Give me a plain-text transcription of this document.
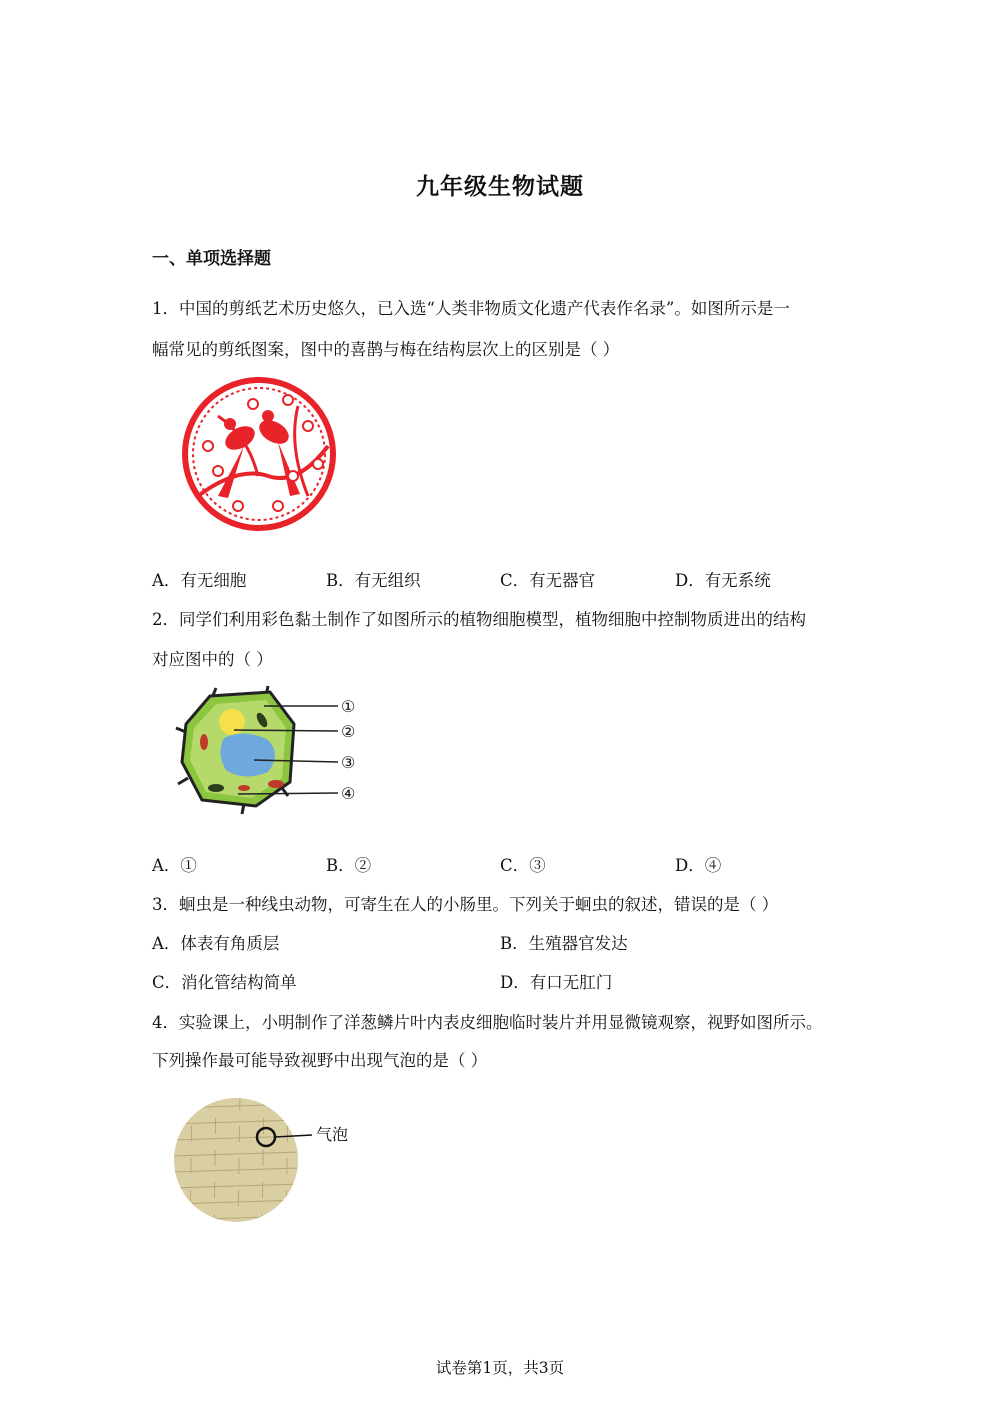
九年级生物试题
一、单项选择题
1．中国的剪纸艺术历史悠久，已入选“人类非物质文化遗产代表作名录”。如图所示是一
幅常见的剪纸图案，图中的喜鹊与梅在结构层次上的区别是（ ）
A．有无细胞	B．有无组织	C．有无器官	D．有无系统
2．同学们利用彩色黏土制作了如图所示的植物细胞模型，植物细胞中控制物质进出的结构
对应图中的（ ）
①
②
③
④
A．①	B．②	C．③	D．④
3．蛔虫是一种线虫动物，可寄生在人的小肠里。下列关于蛔虫的叙述，错误的是（ ）
A．体表有角质层	B．生殖器官发达
C．消化管结构简单	D．有口无肛门
4．实验课上，小明制作了洋葱鳞片叶内表皮细胞临时装片并用显微镜观察，视野如图所示。
下列操作最可能导致视野中出现气泡的是（ ）
气泡
试卷第1页，共3页
